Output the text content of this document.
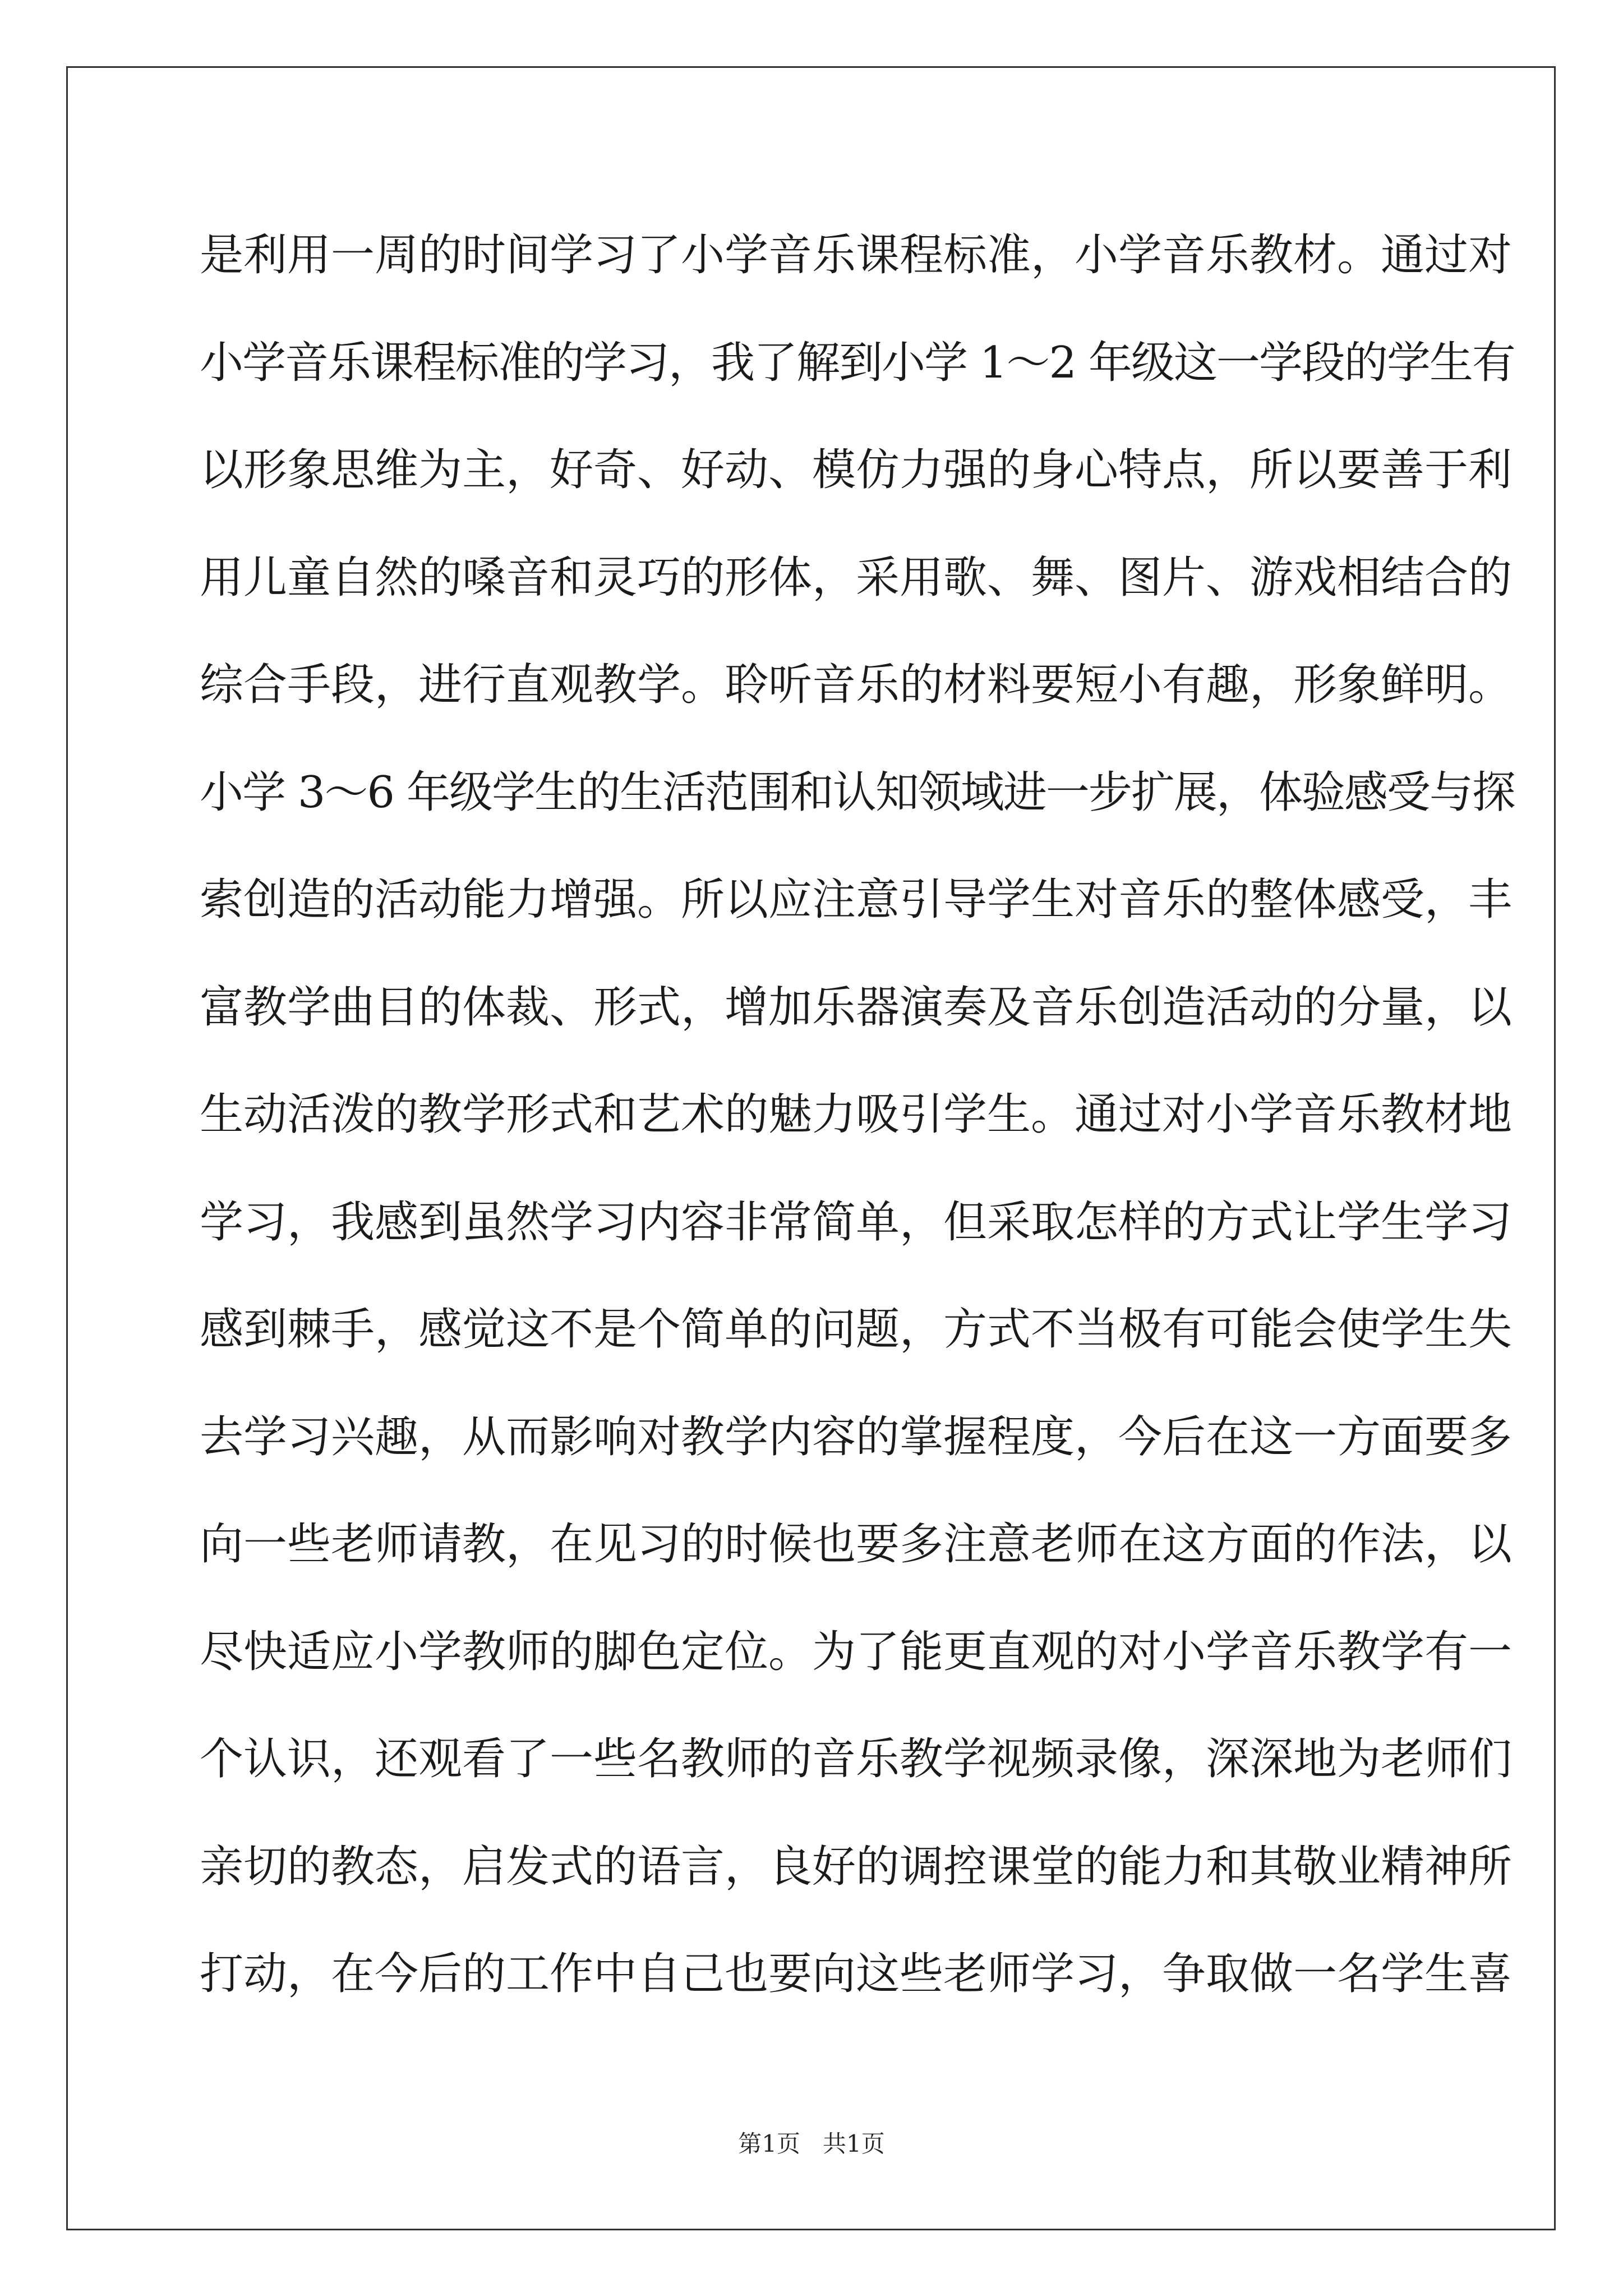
是利用一周的时间学习了小学音乐课程标准，小学音乐教材。通过对
小学音乐课程标准的学习，我了解到小学 1～2 年级这一学段的学生有
以形象思维为主，好奇、好动、模仿力强的身心特点，所以要善于利
用儿童自然的嗓音和灵巧的形体，采用歌、舞、图片、游戏相结合的
综合手段，进行直观教学。聆听音乐的材料要短小有趣，形象鲜明。
小学 3～6 年级学生的生活范围和认知领域进一步扩展，体验感受与探
索创造的活动能力增强。所以应注意引导学生对音乐的整体感受，丰
富教学曲目的体裁、形式，增加乐器演奏及音乐创造活动的分量，以
生动活泼的教学形式和艺术的魅力吸引学生。通过对小学音乐教材地
学习，我感到虽然学习内容非常简单，但采取怎样的方式让学生学习
感到棘手，感觉这不是个简单的问题，方式不当极有可能会使学生失
去学习兴趣，从而影响对教学内容的掌握程度，今后在这一方面要多
向一些老师请教，在见习的时候也要多注意老师在这方面的作法，以
尽快适应小学教师的脚色定位。为了能更直观的对小学音乐教学有一
个认识，还观看了一些名教师的音乐教学视频录像，深深地为老师们
亲切的教态，启发式的语言，良好的调控课堂的能力和其敬业精神所
打动，在今后的工作中自己也要向这些老师学习，争取做一名学生喜
第1页   共1页
